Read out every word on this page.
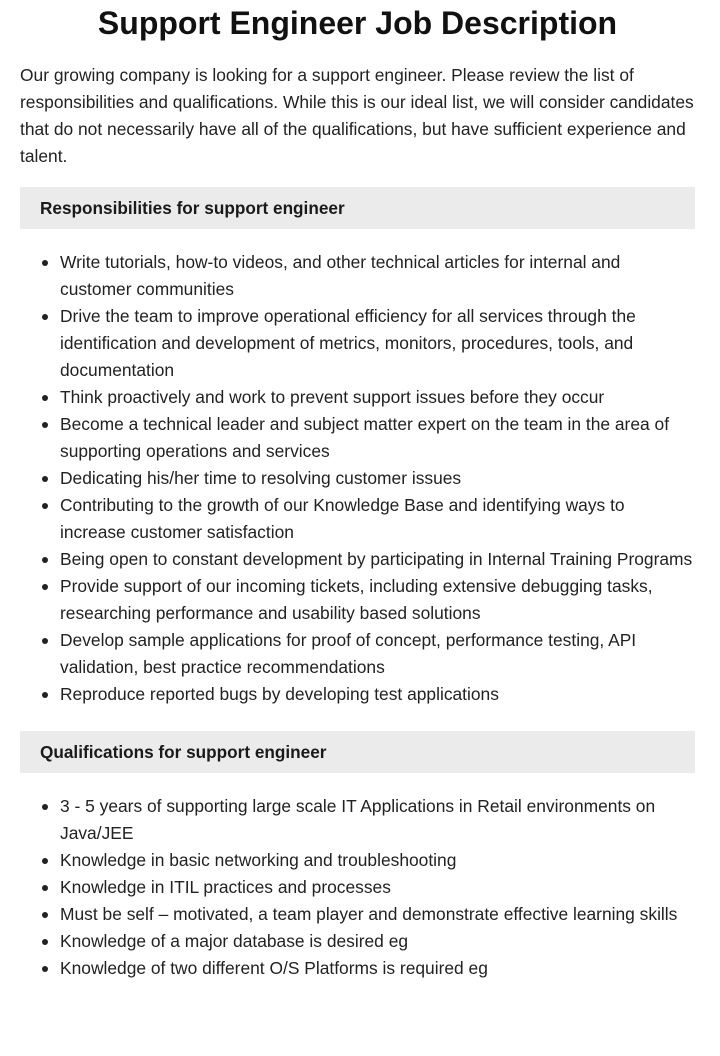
Support Engineer Job Description

Our growing company is looking for a support engineer. Please review the list of responsibilities and qualifications. While this is our ideal list, we will consider candidates that do not necessarily have all of the qualifications, but have sufficient experience and talent.

Responsibilities for support engineer
Write tutorials, how-to videos, and other technical articles for internal and customer communities
Drive the team to improve operational efficiency for all services through the identification and development of metrics, monitors, procedures, tools, and documentation
Think proactively and work to prevent support issues before they occur
Become a technical leader and subject matter expert on the team in the area of supporting operations and services
Dedicating his/her time to resolving customer issues
Contributing to the growth of our Knowledge Base and identifying ways to increase customer satisfaction
Being open to constant development by participating in Internal Training Programs
Provide support of our incoming tickets, including extensive debugging tasks, researching performance and usability based solutions
Develop sample applications for proof of concept, performance testing, API validation, best practice recommendations
Reproduce reported bugs by developing test applications
Qualifications for support engineer
3 - 5 years of supporting large scale IT Applications in Retail environments on Java/JEE
Knowledge in basic networking and troubleshooting
Knowledge in ITIL practices and processes
Must be self – motivated, a team player and demonstrate effective learning skills
Knowledge of a major database is desired eg
Knowledge of two different O/S Platforms is required eg
